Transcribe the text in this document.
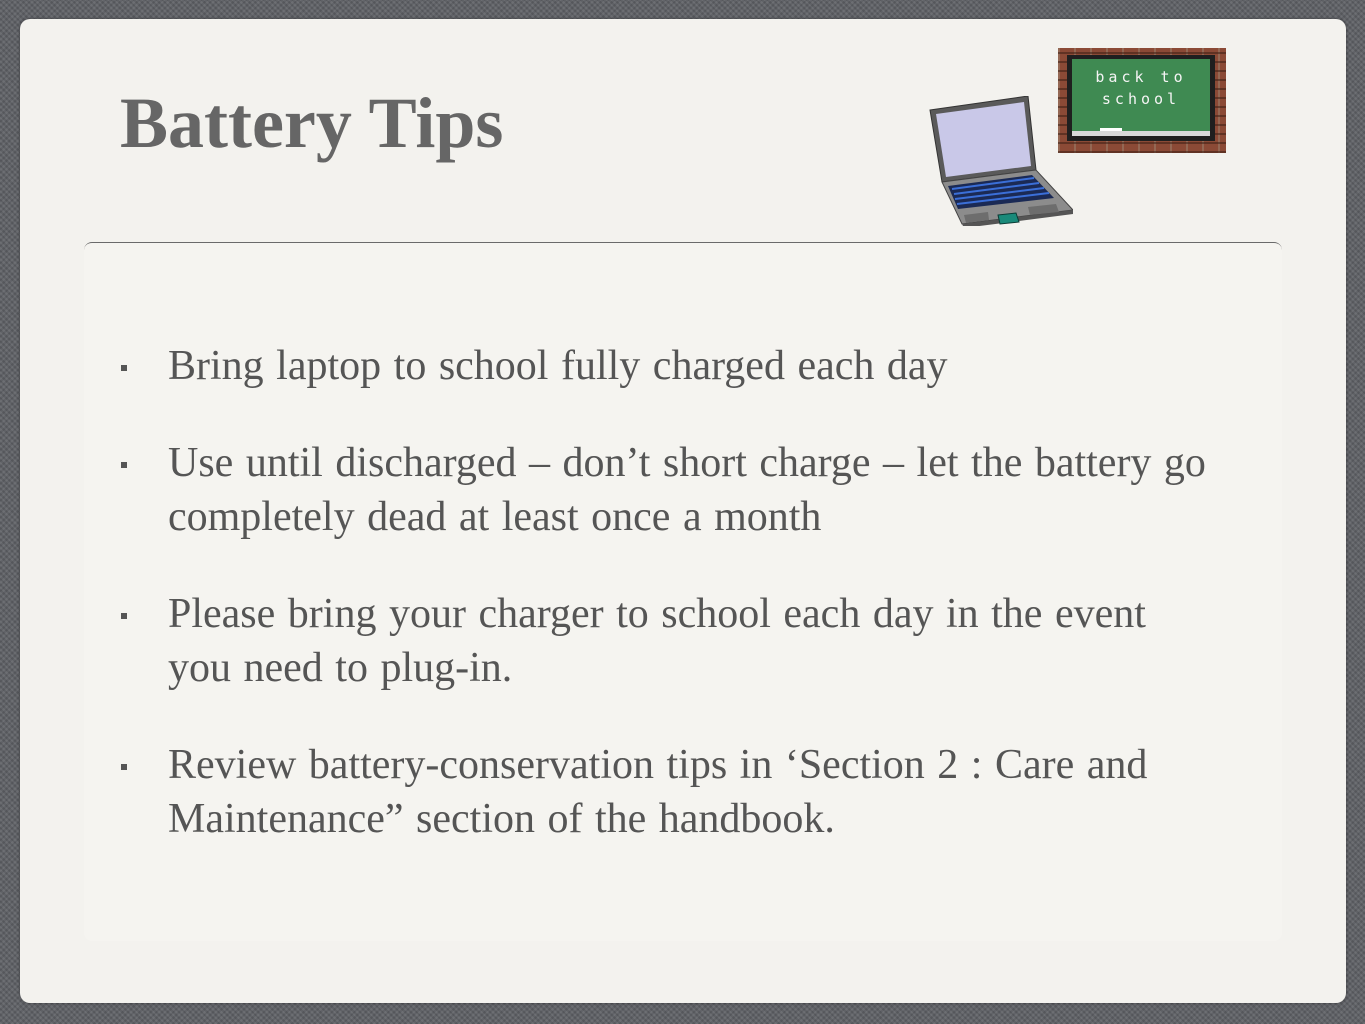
Battery Tips

back to
school

Bring laptop to school fully charged each day
Use until discharged – don’t short charge – let the battery go completely dead at least once a month
Please bring your charger to school each day in the event you need to plug-in.
Review battery-conservation tips in ‘Section 2 : Care and Maintenance” section of the handbook.
